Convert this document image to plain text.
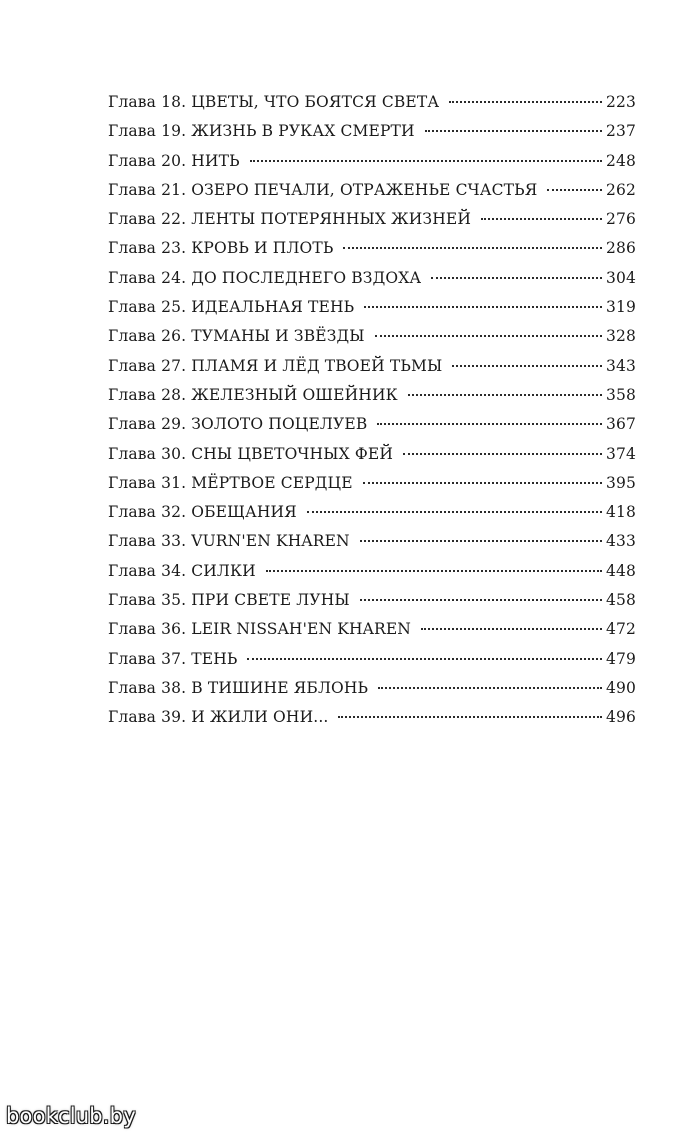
Глава 18. ЦВЕТЫ, ЧТО БОЯТСЯ СВЕТА	223
Глава 19. ЖИЗНЬ В РУКАХ СМЕРТИ	237
Глава 20. НИТЬ	248
Глава 21. ОЗЕРО ПЕЧАЛИ, ОТРАЖЕНЬЕ СЧАСТЬЯ	262
Глава 22. ЛЕНТЫ ПОТЕРЯННЫХ ЖИЗНЕЙ	276
Глава 23. КРОВЬ И ПЛОТЬ	286
Глава 24. ДО ПОСЛЕДНЕГО ВЗДОХА	304
Глава 25. ИДЕАЛЬНАЯ ТЕНЬ	319
Глава 26. ТУМАНЫ И ЗВЁЗДЫ	328
Глава 27. ПЛАМЯ И ЛЁД ТВОЕЙ ТЬМЫ	343
Глава 28. ЖЕЛЕЗНЫЙ ОШЕЙНИК	358
Глава 29. ЗОЛОТО ПОЦЕЛУЕВ	367
Глава 30. СНЫ ЦВЕТОЧНЫХ ФЕЙ	374
Глава 31. МЁРТВОЕ СЕРДЦЕ	395
Глава 32. ОБЕЩАНИЯ	418
Глава 33. VURN'EN KHAREN	433
Глава 34. СИЛКИ	448
Глава 35. ПРИ СВЕТЕ ЛУНЫ	458
Глава 36. LEIR NISSAH'EN KHAREN	472
Глава 37. ТЕНЬ	479
Глава 38. В ТИШИНЕ ЯБЛОНЬ	490
Глава 39. И ЖИЛИ ОНИ...	496
bookclub.by
